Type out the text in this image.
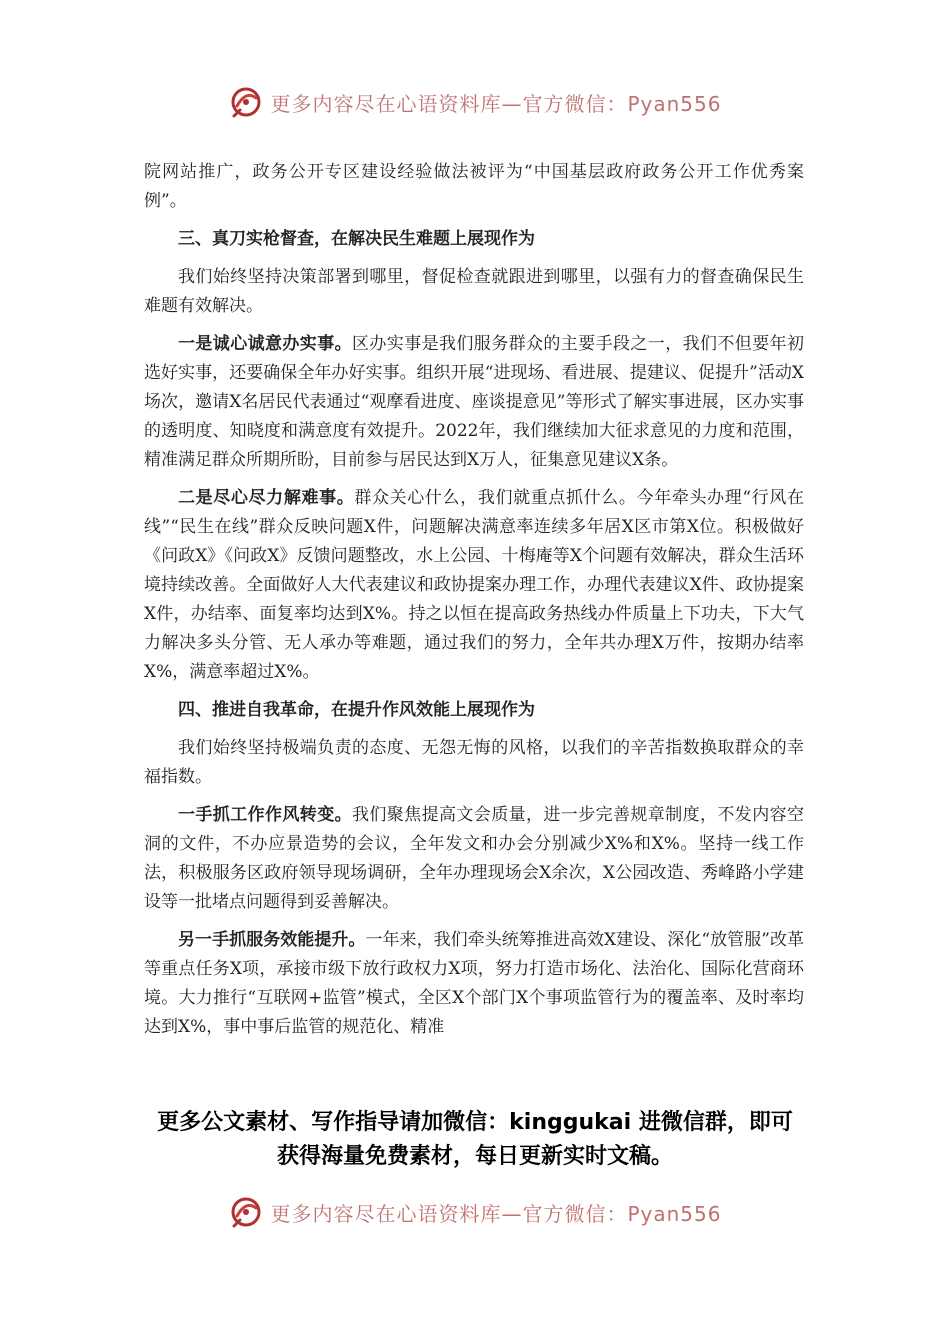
更多内容尽在心语资料库—官方微信：Pyan556

院网站推广，政务公开专区建设经验做法被评为“中国基层政府政务公开工作优秀案例”。

三、真刀实枪督查，在解决民生难题上展现作为

我们始终坚持决策部署到哪里，督促检查就跟进到哪里，以强有力的督查确保民生难题有效解决。

一是诚心诚意办实事。区办实事是我们服务群众的主要手段之一，我们不但要年初选好实事，还要确保全年办好实事。组织开展“进现场、看进展、提建议、促提升”活动X场次，邀请X名居民代表通过“观摩看进度、座谈提意见”等形式了解实事进展，区办实事的透明度、知晓度和满意度有效提升。2022年，我们继续加大征求意见的力度和范围，精准满足群众所期所盼，目前参与居民达到X万人，征集意见建议X条。

二是尽心尽力解难事。群众关心什么，我们就重点抓什么。今年牵头办理“行风在线”“民生在线”群众反映问题X件，问题解决满意率连续多年居X区市第X位。积极做好《问政X》《问政X》反馈问题整改，水上公园、十梅庵等X个问题有效解决，群众生活环境持续改善。全面做好人大代表建议和政协提案办理工作，办理代表建议X件、政协提案X件，办结率、面复率均达到X%。持之以恒在提高政务热线办件质量上下功夫，下大气力解决多头分管、无人承办等难题，通过我们的努力，全年共办理X万件，按期办结率X%，满意率超过X%。

四、推进自我革命，在提升作风效能上展现作为

我们始终坚持极端负责的态度、无怨无悔的风格，以我们的辛苦指数换取群众的幸福指数。

一手抓工作作风转变。我们聚焦提高文会质量，进一步完善规章制度，不发内容空洞的文件，不办应景造势的会议，全年发文和办会分别减少X%和X%。坚持一线工作法，积极服务区政府领导现场调研，全年办理现场会X余次，X公园改造、秀峰路小学建设等一批堵点问题得到妥善解决。

另一手抓服务效能提升。一年来，我们牵头统筹推进高效X建设、深化“放管服”改革等重点任务X项，承接市级下放行政权力X项，努力打造市场化、法治化、国际化营商环境。大力推行“互联网+监管”模式，全区X个部门X个事项监管行为的覆盖率、及时率均达到X%，事中事后监管的规范化、精准

更多公文素材、写作指导请加微信：kinggukai 进微信群，即可
获得海量免费素材，每日更新实时文稿。
更多内容尽在心语资料库—官方微信：Pyan556
